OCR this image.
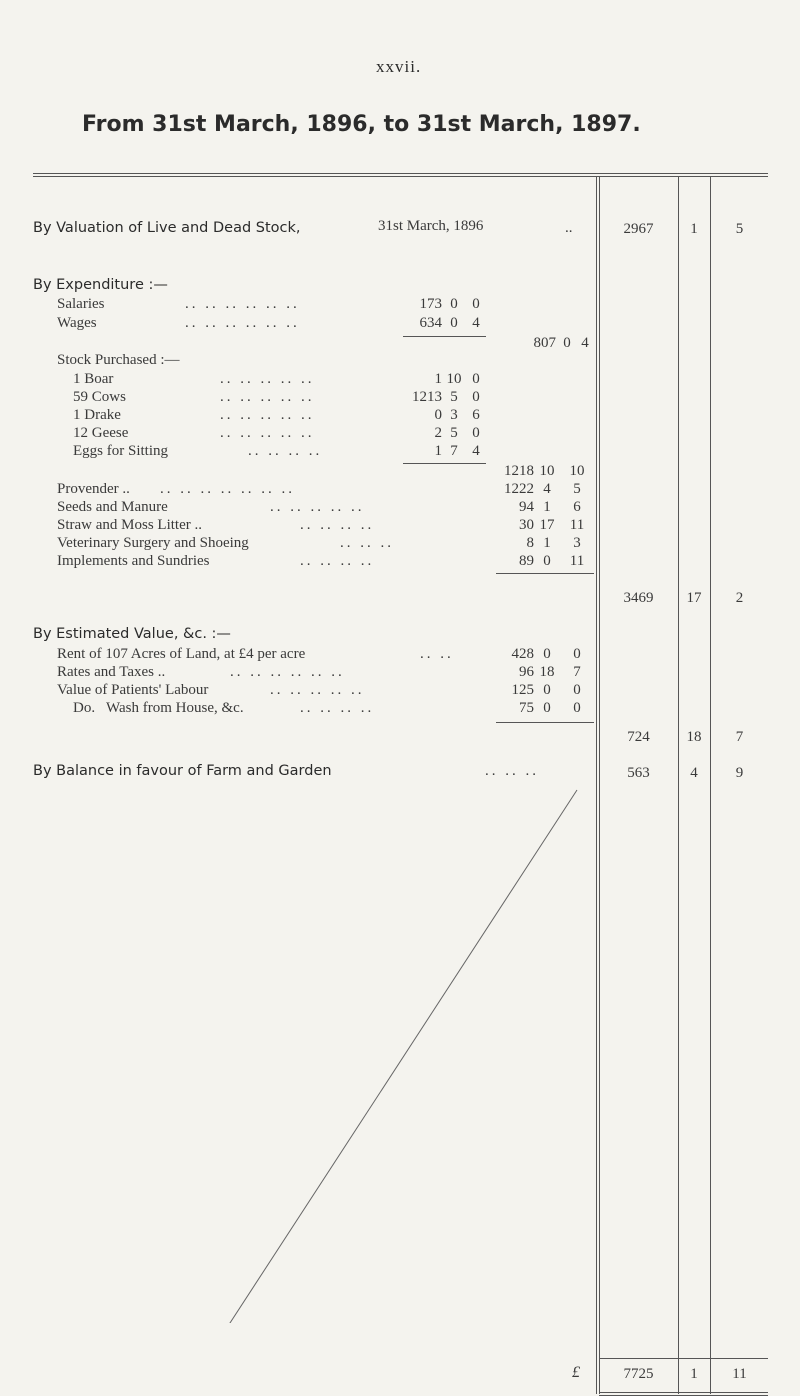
xxvii.
From 31st March, 1896, to 31st March, 1897.
By Valuation of Live and Dead Stock,	31st March, 1896	..	2967	1	5
By Expenditure :—
Salaries	.. .. .. .. .. ..	173 0 0
Wages	.. .. .. .. .. ..	634 0 4
807 0 4
Stock Purchased :—
1 Boar	.. .. .. .. ..	1 10 0
59 Cows	.. .. .. .. ..	1213 5 0
1 Drake	.. .. .. .. ..	0 3 6
12 Geese	.. .. .. .. ..	2 5 0
Eggs for Sitting	.. .. .. ..	1 7 4
1218 10	10
Provender .. .. .. .. .. .. .. ..	1222 4	5
Seeds and Manure	.. .. .. .. ..	94 1	6
Straw and Moss Litter ..	.. .. .. ..	30 17	11
Veterinary Surgery and Shoeing	.. .. ..	8 1	3
Implements and Sundries	.. .. .. ..	89 0	11
3469	17	2
By Estimated Value, &c. :—
Rent of 107 Acres of Land, at £4 per acre	.. ..	428 0	0
Rates and Taxes ..	.. .. .. .. .. ..	96 18	7
Value of Patients' Labour	.. .. .. .. ..	125 0	0
Do.   Wash from House, &c.	.. .. .. ..	75 0	0
724	18	7
By Balance in favour of Farm and Garden	.. .. ..	563	4	9
£	7725	1	11
